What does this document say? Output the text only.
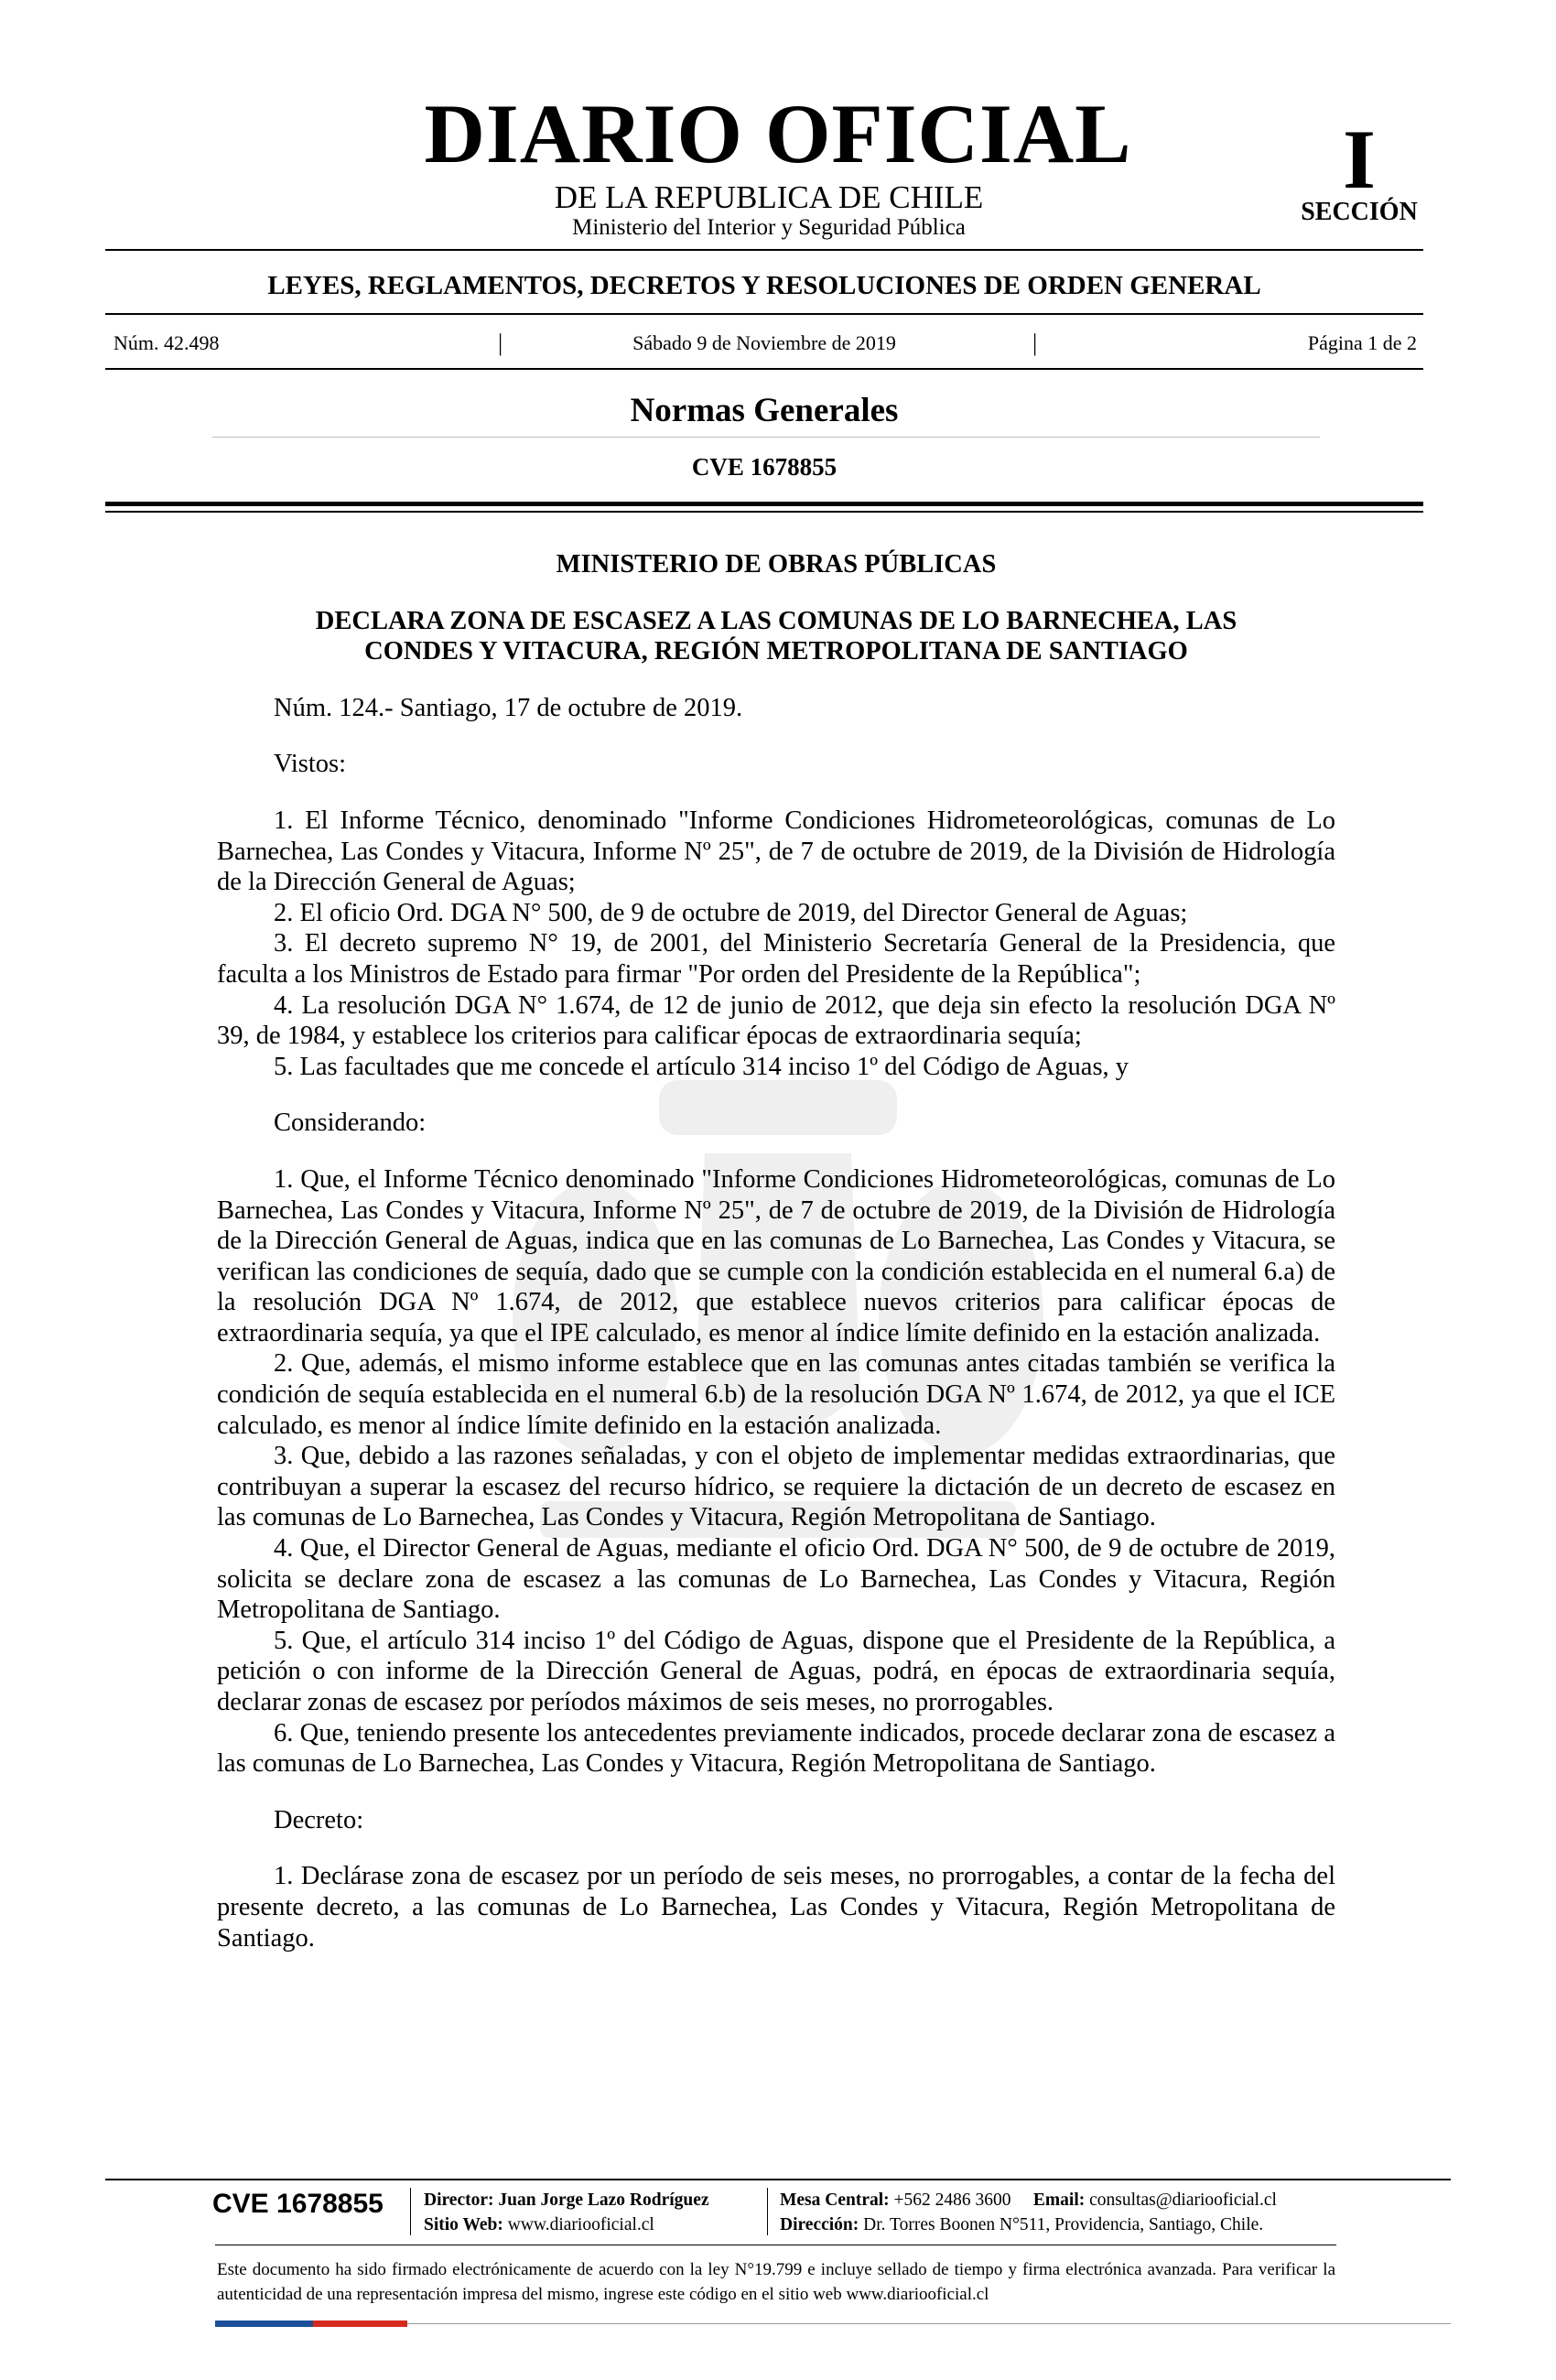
DIARIO OFICIAL
DE LA REPUBLICA DE CHILE
Ministerio del Interior y Seguridad Pública
I
SECCIÓN
LEYES, REGLAMENTOS, DECRETOS Y RESOLUCIONES DE ORDEN GENERAL
Núm. 42.498	|	Sábado 9 de Noviembre de 2019	|	Página 1 de 2
Normas Generales
CVE 1678855

MINISTERIO DE OBRAS PÚBLICAS

DECLARA ZONA DE ESCASEZ A LAS COMUNAS DE LO BARNECHEA, LAS

CONDES Y VITACURA, REGIÓN METROPOLITANA DE SANTIAGO

Núm. 124.- Santiago, 17 de octubre de 2019.

Vistos:

1. El Informe Técnico, denominado "Informe Condiciones Hidrometeorológicas, comunas de Lo Barnechea, Las Condes y Vitacura, Informe Nº 25", de 7 de octubre de 2019, de la División de Hidrología de la Dirección General de Aguas;

2. El oficio Ord. DGA N° 500, de 9 de octubre de 2019, del Director General de Aguas;

3. El decreto supremo N° 19, de 2001, del Ministerio Secretaría General de la Presidencia, que faculta a los Ministros de Estado para firmar "Por orden del Presidente de la República";

4. La resolución DGA N° 1.674, de 12 de junio de 2012, que deja sin efecto la resolución DGA Nº 39, de 1984, y establece los criterios para calificar épocas de extraordinaria sequía;

5. Las facultades que me concede el artículo 314 inciso 1º del Código de Aguas, y

Considerando:

1. Que, el Informe Técnico denominado "Informe Condiciones Hidrometeorológicas, comunas de Lo Barnechea, Las Condes y Vitacura, Informe Nº 25", de 7 de octubre de 2019, de la División de Hidrología de la Dirección General de Aguas, indica que en las comunas de Lo Barnechea, Las Condes y Vitacura, se verifican las condiciones de sequía, dado que se cumple con la condición establecida en el numeral 6.a) de la resolución DGA Nº 1.674, de 2012, que establece nuevos criterios para calificar épocas de extraordinaria sequía, ya que el IPE calculado, es menor al índice límite definido en la estación analizada.

2. Que, además, el mismo informe establece que en las comunas antes citadas también se verifica la condición de sequía establecida en el numeral 6.b) de la resolución DGA Nº 1.674, de 2012, ya que el ICE calculado, es menor al índice límite definido en la estación analizada.

3. Que, debido a las razones señaladas, y con el objeto de implementar medidas extraordinarias, que contribuyan a superar la escasez del recurso hídrico, se requiere la dictación de un decreto de escasez en las comunas de Lo Barnechea, Las Condes y Vitacura, Región Metropolitana de Santiago.

4. Que, el Director General de Aguas, mediante el oficio Ord. DGA N° 500, de 9 de octubre de 2019, solicita se declare zona de escasez a las comunas de Lo Barnechea, Las Condes y Vitacura, Región Metropolitana de Santiago.

5. Que, el artículo 314 inciso 1º del Código de Aguas, dispone que el Presidente de la República, a petición o con informe de la Dirección General de Aguas, podrá, en épocas de extraordinaria sequía, declarar zonas de escasez por períodos máximos de seis meses, no prorrogables.

6. Que, teniendo presente los antecedentes previamente indicados, procede declarar zona de escasez a las comunas de Lo Barnechea, Las Condes y Vitacura, Región Metropolitana de Santiago.

Decreto:

1. Declárase zona de escasez por un período de seis meses, no prorrogables, a contar de la fecha del presente decreto, a las comunas de Lo Barnechea, Las Condes y Vitacura, Región Metropolitana de Santiago.

CVE 1678855 Director: Juan Jorge Lazo Rodríguez
Sitio Web: www.diariooficial.cl
Mesa Central: +562 2486 3600 Email: consultas@diariooficial.cl
Dirección: Dr. Torres Boonen N°511, Providencia, Santiago, Chile.
Este documento ha sido firmado electrónicamente de acuerdo con la ley N°19.799 e incluye sellado de tiempo y firma electrónica avanzada. Para verificar la autenticidad de una representación impresa del mismo, ingrese este código en el sitio web www.diariooficial.cl
